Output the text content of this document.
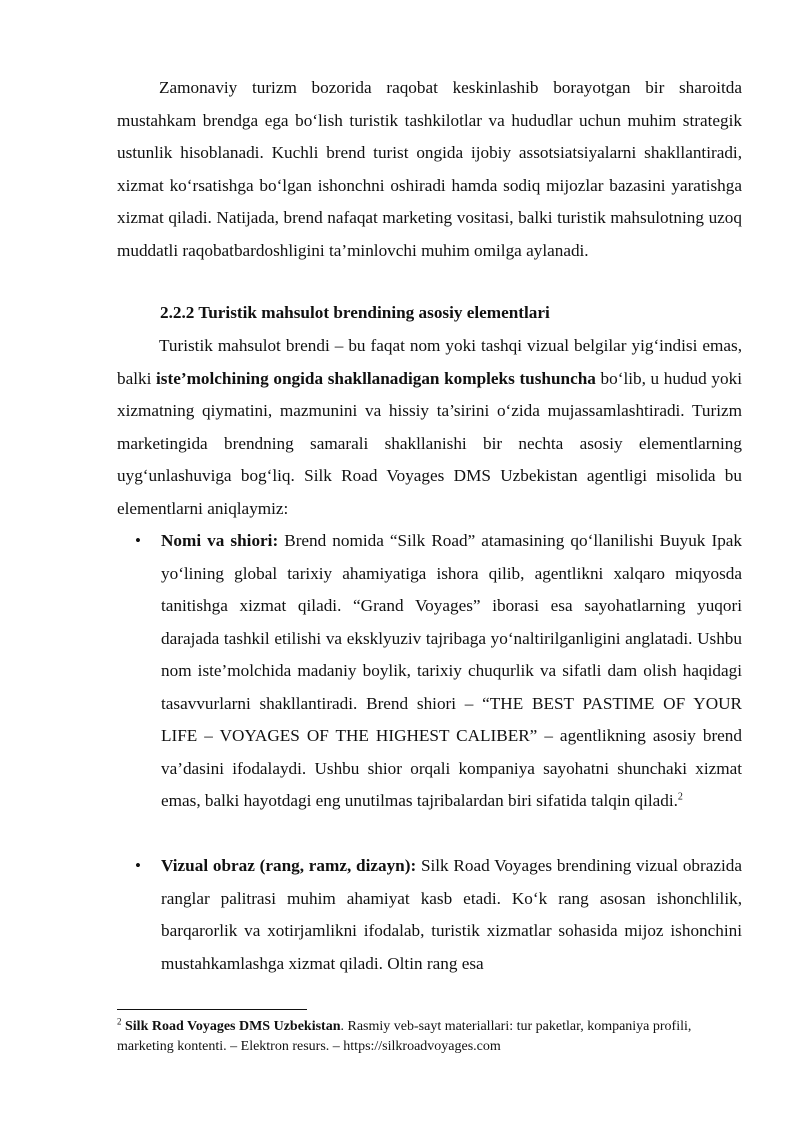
Zamonaviy turizm bozorida raqobat keskinlashib borayotgan bir sharoitda mustahkam brendga ega bo‘lish turistik tashkilotlar va hududlar uchun muhim strategik ustunlik hisoblanadi. Kuchli brend turist ongida ijobiy assotsiatsiyalarni shakllantiradi, xizmat ko‘rsatishga bo‘lgan ishonchni oshiradi hamda sodiq mijozlar bazasini yaratishga xizmat qiladi. Natijada, brend nafaqat marketing vositasi, balki turistik mahsulotning uzoq muddatli raqobatbardoshligini ta’minlovchi muhim omilga aylanadi.

2.2.2 Turistik mahsulot brendining asosiy elementlari

Turistik mahsulot brendi – bu faqat nom yoki tashqi vizual belgilar yig‘indisi emas, balki iste’molchining ongida shakllanadigan kompleks tushuncha bo‘lib, u hudud yoki xizmatning qiymatini, mazmunini va hissiy ta’sirini o‘zida mujassamlashtiradi. Turizm marketingida brendning samarali shakllanishi bir nechta asosiy elementlarning uyg‘unlashuviga bog‘liq. Silk Road Voyages DMS Uzbekistan agentligi misolida bu elementlarni aniqlaymiz:

• Nomi va shiori: Brend nomida “Silk Road” atamasining qo‘llanilishi Buyuk Ipak yo‘lining global tarixiy ahamiyatiga ishora qilib, agentlikni xalqaro miqyosda tanitishga xizmat qiladi. “Grand Voyages” iborasi esa sayohatlarning yuqori darajada tashkil etilishi va eksklyuziv tajribaga yo‘naltirilganligini anglatadi. Ushbu nom iste’molchida madaniy boylik, tarixiy chuqurlik va sifatli dam olish haqidagi tasavvurlarni shakllantiradi. Brend shiori – “THE BEST PASTIME OF YOUR LIFE – VOYAGES OF THE HIGHEST CALIBER” – agentlikning asosiy brend va’dasini ifodalaydi. Ushbu shior orqali kompaniya sayohatni shunchaki xizmat emas, balki hayotdagi eng unutilmas tajribalardan biri sifatida talqin qiladi.$^2$

• Vizual obraz (rang, ramz, dizayn): Silk Road Voyages brendining vizual obrazida ranglar palitrasi muhim ahamiyat kasb etadi. Ko‘k rang asosan ishonchlilik, barqarorlik va xotirjamlikni ifodalab, turistik xizmatlar sohasida mijoz ishonchini mustahkamlashga xizmat qiladi. Oltin rang esa

$^2$ Silk Road Voyages DMS Uzbekistan. Rasmiy veb-sayt materiallari: tur paketlar, kompaniya profili, marketing kontenti. – Elektron resurs. – https://silkroadvoyages.com
